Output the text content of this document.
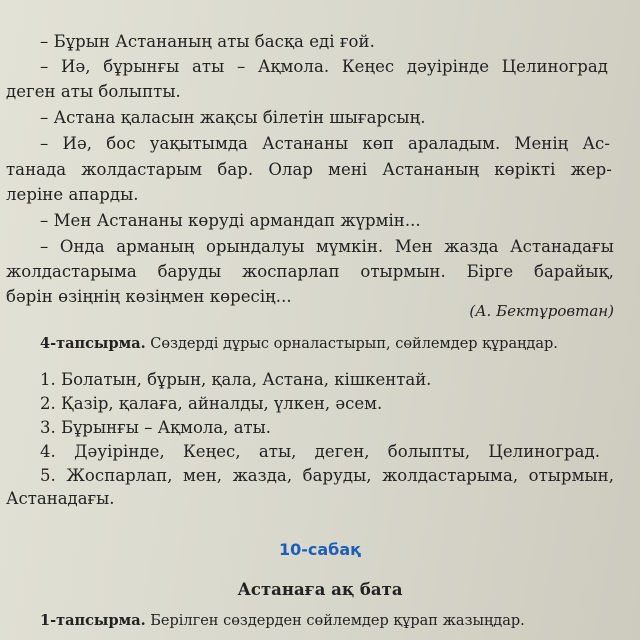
– Бұрын Астананың аты басқа еді ғой.
– Иә, бұрынғы аты – Ақмола. Кеңес дәуірінде Целиноград
деген аты болыпты.
– Астана қаласын жақсы білетін шығарсың.
– Иә, бос уақытымда Астананы көп араладым. Менің Ас-
танада жолдастарым бар. Олар мені Астананың көрікті жер-
леріне апарды.
– Мен Астананы көруді армандап жүрмін...
– Онда арманың орындалуы мүмкін. Мен жазда Астанадағы
жолдастарыма баруды жоспарлап отырмын. Бірге барайық,
бәрін өзіңнің көзіңмен көресің...
(А. Бектұровтан)
4-тапсырма. Сөздерді дұрыс орналастырып, сөйлемдер құраңдар.
1. Болатын, бұрын, қала, Астана, кішкентай.
2. Қазір, қалаға, айналды, үлкен, әсем.
3. Бұрынғы – Ақмола, аты.
4. Дәуірінде, Кеңес, аты, деген, болыпты, Целиноград.
5. Жоспарлап, мен, жазда, баруды, жолдастарыма, отырмын,
Астанадағы.
10-сабақ
Астанаға ақ бата
1-тапсырма. Берілген сөздерден сөйлемдер құрап жазыңдар.
